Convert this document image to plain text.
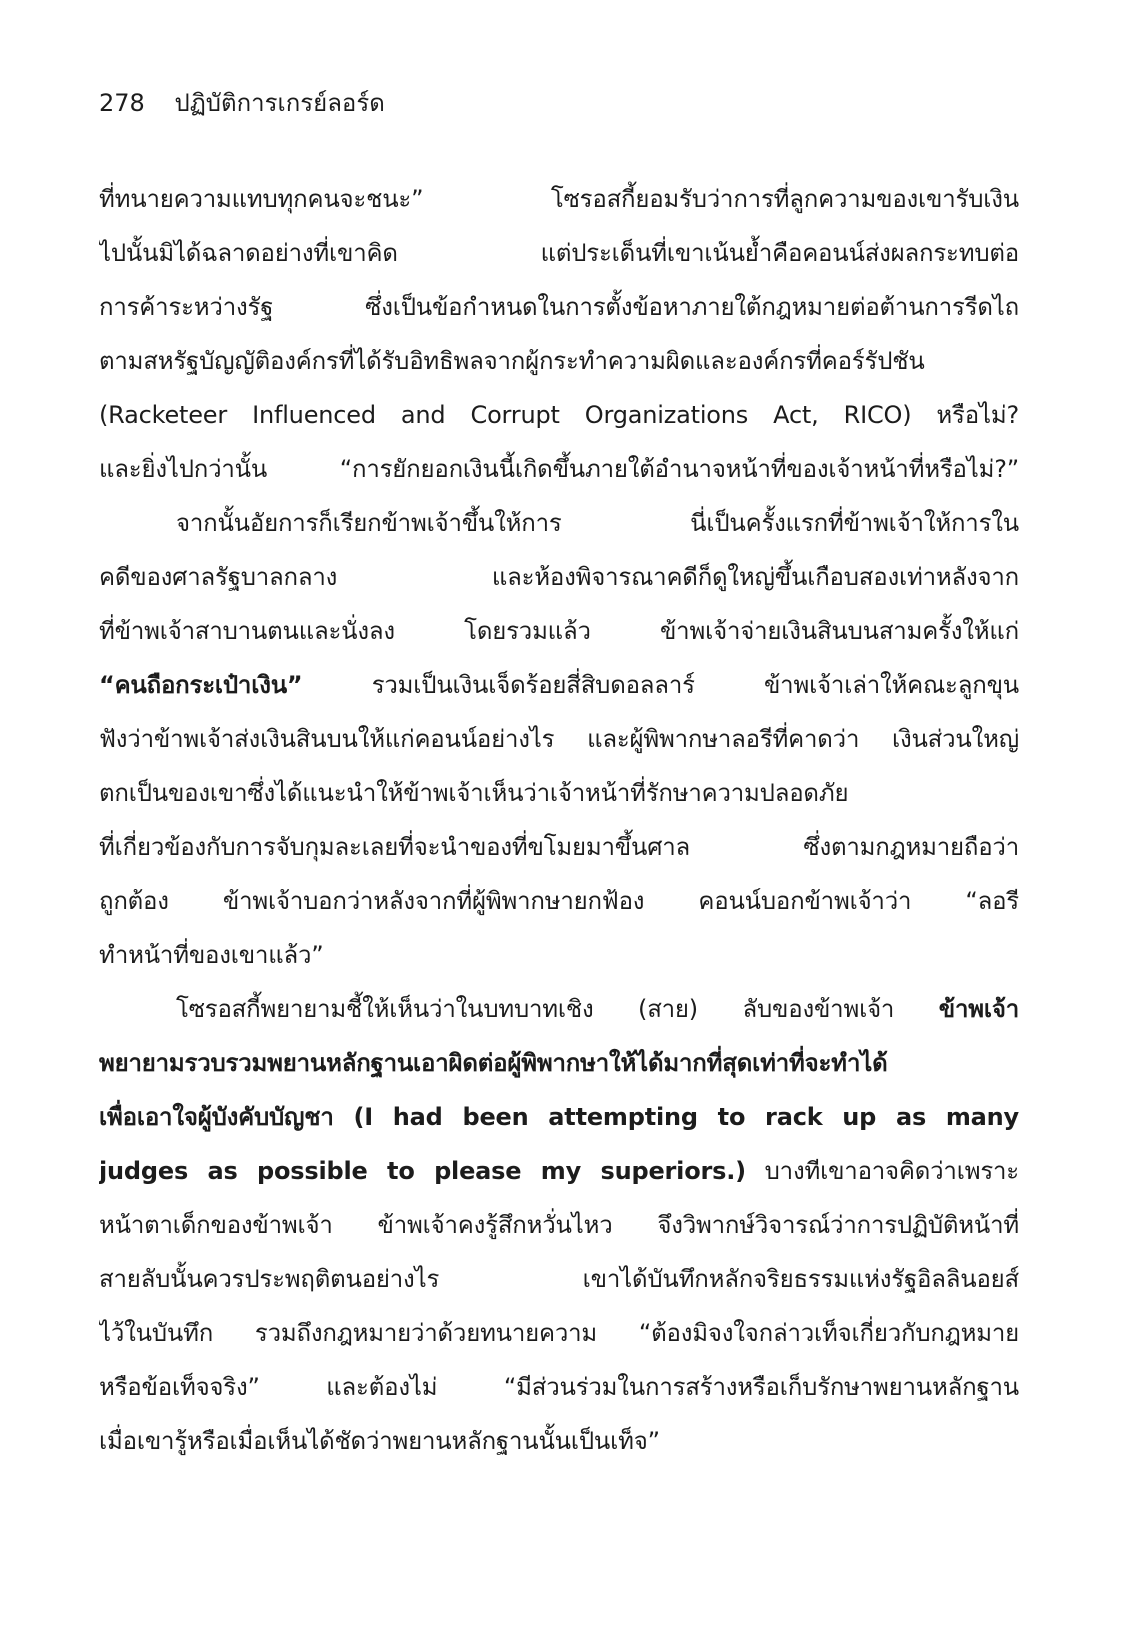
278 ปฏิบัติการเกรย์ลอร์ด
ที่ทนายความแทบทุกคนจะชนะ” โซรอสกี้ยอมรับว่าการที่ลูกความของเขารับเงิน
ไปนั้นมิได้ฉลาดอย่างที่เขาคิด แต่ประเด็นที่เขาเน้นย้ำคือคอนน์ส่งผลกระทบต่อ
การค้าระหว่างรัฐ ซึ่งเป็นข้อกำหนดในการตั้งข้อหาภายใต้กฎหมายต่อต้านการรีดไถ
ตามสหรัฐบัญญัติองค์กรที่ได้รับอิทธิพลจากผู้กระทำความผิดและองค์กรที่คอร์รัปชัน
(Racketeer Influenced and Corrupt Organizations Act, RICO) หรือไม่?
และยิ่งไปกว่านั้น “การยักยอกเงินนี้เกิดขึ้นภายใต้อำนาจหน้าที่ของเจ้าหน้าที่หรือไม่?”
จากนั้นอัยการก็เรียกข้าพเจ้าขึ้นให้การ นี่เป็นครั้งแรกที่ข้าพเจ้าให้การใน
คดีของศาลรัฐบาลกลาง และห้องพิจารณาคดีก็ดูใหญ่ขึ้นเกือบสองเท่าหลังจาก
ที่ข้าพเจ้าสาบานตนและนั่งลง โดยรวมแล้ว ข้าพเจ้าจ่ายเงินสินบนสามครั้งให้แก่
“คนถือกระเป๋าเงิน” รวมเป็นเงินเจ็ดร้อยสี่สิบดอลลาร์ ข้าพเจ้าเล่าให้คณะลูกขุน
ฟังว่าข้าพเจ้าส่งเงินสินบนให้แก่คอนน์อย่างไร และผู้พิพากษาลอรีที่คาดว่า เงินส่วนใหญ่
ตกเป็นของเขาซึ่งได้แนะนำให้ข้าพเจ้าเห็นว่าเจ้าหน้าที่รักษาความปลอดภัย
ที่เกี่ยวข้องกับการจับกุมละเลยที่จะนำของที่ขโมยมาขึ้นศาล ซึ่งตามกฎหมายถือว่า
ถูกต้อง ข้าพเจ้าบอกว่าหลังจากที่ผู้พิพากษายกฟ้อง คอนน์บอกข้าพเจ้าว่า “ลอรี
ทำหน้าที่ของเขาแล้ว”
โซรอสกี้พยายามชี้ให้เห็นว่าในบทบาทเชิง (สาย) ลับของข้าพเจ้า ข้าพเจ้า
พยายามรวบรวมพยานหลักฐานเอาผิดต่อผู้พิพากษาให้ได้มากที่สุดเท่าที่จะทำได้
เพื่อเอาใจผู้บังคับบัญชา (I had been attempting to rack up as many
judges as possible to please my superiors.) บางทีเขาอาจคิดว่าเพราะ
หน้าตาเด็กของข้าพเจ้า ข้าพเจ้าคงรู้สึกหวั่นไหว จึงวิพากษ์วิจารณ์ว่าการปฏิบัติหน้าที่
สายลับนั้นควรประพฤติตนอย่างไร เขาได้บันทึกหลักจริยธรรมแห่งรัฐอิลลินอยส์
ไว้ในบันทึก รวมถึงกฎหมายว่าด้วยทนายความ “ต้องมิจงใจกล่าวเท็จเกี่ยวกับกฎหมาย
หรือข้อเท็จจริง” และต้องไม่ “มีส่วนร่วมในการสร้างหรือเก็บรักษาพยานหลักฐาน
เมื่อเขารู้หรือเมื่อเห็นได้ชัดว่าพยานหลักฐานนั้นเป็นเท็จ”
